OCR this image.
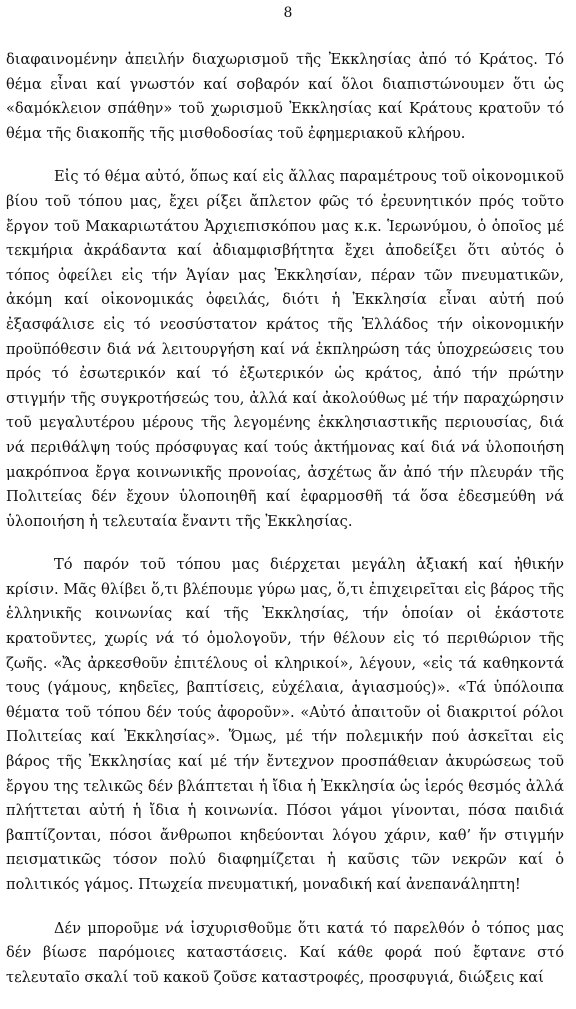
8

διαφαινομένην ἀπειλήν διαχωρισμοῦ τῆς Ἐκκλησίας ἀπό τό Κράτος. Τό θέμα εἶναι καί γνωστόν καί σοβαρόν καί ὅλοι διαπιστώνουμεν ὅτι ὡς «δαμόκλειον σπάθην» τοῦ χωρισμοῦ Ἐκκλησίας καί Κράτους κρατοῦν τό θέμα τῆς διακοπῆς τῆς μισθοδοσίας τοῦ ἐφημεριακοῦ κλήρου.

Εἰς τό θέμα αὐτό, ὅπως καί εἰς ἄλλας παραμέτρους τοῦ οἰκονομικοῦ βίου τοῦ τόπου μας, ἔχει ρίξει ἄπλετον φῶς τό ἐρευνητικόν πρός τοῦτο ἔργον τοῦ Μακαριωτάτου Ἀρχιεπισκόπου μας κ.κ. Ἱερωνύμου, ὁ ὁποῖος μέ τεκμήρια ἀκράδαντα καί ἀδιαμφισβήτητα ἔχει ἀποδείξει ὅτι αὐτός ὁ τόπος ὀφείλει εἰς τήν Ἁγίαν μας Ἐκκλησίαν, πέραν τῶν πνευματικῶν, ἀκόμη καί οἰκονομικάς ὀφειλάς, διότι ἡ Ἐκκλησία εἶναι αὐτή πού ἐξασφάλισε εἰς τό νεοσύστατον κράτος τῆς Ἑλλάδος τήν οἰκονομικήν προϋπόθεσιν διά νά λειτουργήση καί νά ἐκπληρώση τάς ὑποχρεώσεις του πρός τό ἐσωτερικόν καί τό ἐξωτερικόν ὡς κράτος, ἀπό τήν πρώτην στιγμήν τῆς συγκροτήσεώς του, ἀλλά καί ἀκολούθως μέ τήν παραχώρησιν τοῦ μεγαλυτέρου μέρους τῆς λεγομένης ἐκκλησιαστικῆς περιουσίας, διά νά περιθάλψη τούς πρόσφυγας καί τούς ἀκτήμονας καί διά νά ὑλοποιήση μακρόπνοα ἔργα κοινωνικῆς προνοίας, ἀσχέτως ἄν ἀπό τήν πλευράν τῆς Πολιτείας δέν ἔχουν ὑλοποιηθῆ καί ἐφαρμοσθῆ τά ὅσα ἐδεσμεύθη νά ὑλοποιήση ἡ τελευταία ἔναντι τῆς Ἐκκλησίας.

Τό παρόν τοῦ τόπου μας διέρχεται μεγάλη ἀξιακή καί ἠθικήν κρίσιν. Μᾶς θλίβει ὅ,τι βλέπουμε γύρω μας, ὅ,τι ἐπιχειρεῖται εἰς βάρος τῆς ἑλληνικῆς κοινωνίας καί τῆς Ἐκκλησίας, τήν ὁποίαν οἱ ἑκάστοτε κρατοῦντες, χωρίς νά τό ὁμολογοῦν, τήν θέλουν εἰς τό περιθώριον τῆς ζωῆς. «Ἄς ἀρκεσθοῦν ἐπιτέλους οἱ κληρικοί», λέγουν, «εἰς τά καθηκοντά τους (γάμους, κηδεῖες, βαπτίσεις, εὐχέλαια, ἁγιασμούς)». «Τά ὑπόλοιπα θέματα τοῦ τόπου δέν τούς ἀφοροῦν». «Αὐτό ἀπαιτοῦν οἱ διακριτοί ρόλοι Πολιτείας καί Ἐκκλησίας». Ὅμως, μέ τήν πολεμικήν πού ἀσκεῖται εἰς βάρος τῆς Ἐκκλησίας καί μέ τήν ἔντεχνον προσπάθειαν ἀκυρώσεως τοῦ ἔργου της τελικῶς δέν βλάπτεται ἡ ἴδια ἡ Ἐκκλησία ὡς ἱερός θεσμός ἀλλά πλήττεται αὐτή ἡ ἴδια ἡ κοινωνία. Πόσοι γάμοι γίνονται, πόσα παιδιά βαπτίζονται, πόσοι ἄνθρωποι κηδεύονται λόγου χάριν, καθ’ ἥν στιγμήν πεισματικῶς τόσον πολύ διαφημίζεται ἡ καῦσις τῶν νεκρῶν καί ὁ πολιτικός γάμος. Πτωχεία πνευματική, μοναδική καί ἀνεπανάληπτη!

Δέν μποροῦμε νά ἰσχυρισθοῦμε ὅτι κατά τό παρελθόν ὁ τόπος μας δέν βίωσε παρόμοιες καταστάσεις. Καί κάθε φορά πού ἔφτανε στό τελευταῖο σκαλί τοῦ κακοῦ ζοῦσε καταστροφές, προσφυγιά, διώξεις καί
